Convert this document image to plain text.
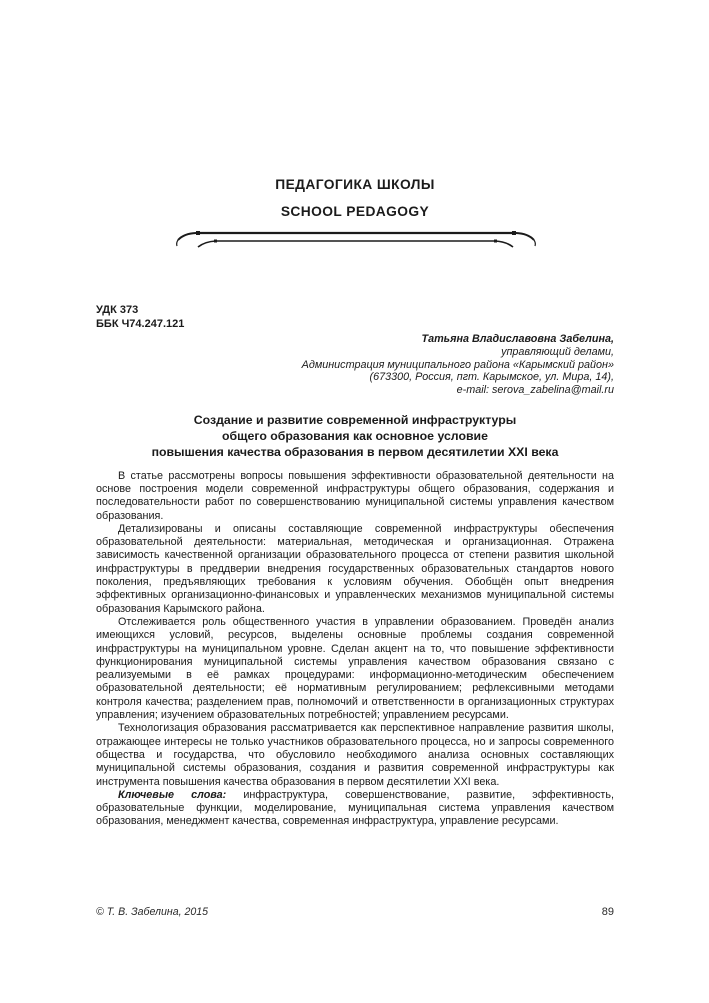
ПЕДАГОГИКА ШКОЛЫ
SCHOOL PEDAGOGY
УДК 373
ББК Ч74.247.121
Татьяна Владиславовна Забелина,
управляющий делами,
Администрация муниципального района «Карымский район»
(673300, Россия, пгт. Карымское, ул. Мира, 14),
e-mail: serova_zabelina@mail.ru
Создание и развитие современной инфраструктуры
общего образования как основное условие
повышения качества образования в первом десятилетии XXI века

В статье рассмотрены вопросы повышения эффективности образовательной деятельности на основе построения модели современной инфраструктуры общего образования, содержания и последовательности работ по совершенствованию муниципальной системы управления качеством образования.

Детализированы и описаны составляющие современной инфраструктуры обеспечения образовательной деятельности: материальная, методическая и организационная. Отражена зависимость качественной организации образовательного процесса от степени развития школьной инфраструктуры в преддверии внедрения государственных образовательных стандартов нового поколения, предъявляющих требования к условиям обучения. Обобщён опыт внедрения эффективных организационно-финансовых и управленческих механизмов муниципальной системы образования Карымского района.

Отслеживается роль общественного участия в управлении образованием. Проведён анализ имеющихся условий, ресурсов, выделены основные проблемы создания современной инфраструктуры на муниципальном уровне. Сделан акцент на то, что повышение эффективности функционирования муниципальной системы управления качеством образования связано с реализуемыми в её рамках процедурами: информационно-методическим обеспечением образовательной деятельности; её нормативным регулированием; рефлексивными методами контроля качества; разделением прав, полномочий и ответственности в организационных структурах управления; изучением образовательных потребностей; управлением ресурсами.

Технологизация образования рассматривается как перспективное направление развития школы, отражающее интересы не только участников образовательного процесса, но и запросы современного общества и государства, что обусловило необходимого анализа основных составляющих муниципальной системы образования, создания и развития современной инфраструктуры как инструмента повышения качества образования в первом десятилетии XXI века.

Ключевые слова: инфраструктура, совершенствование, развитие, эффективность, образовательные функции, моделирование, муниципальная система управления качеством образования, менеджмент качества, современная инфраструктура, управление ресурсами.

© Т. В. Забелина, 2015	89
